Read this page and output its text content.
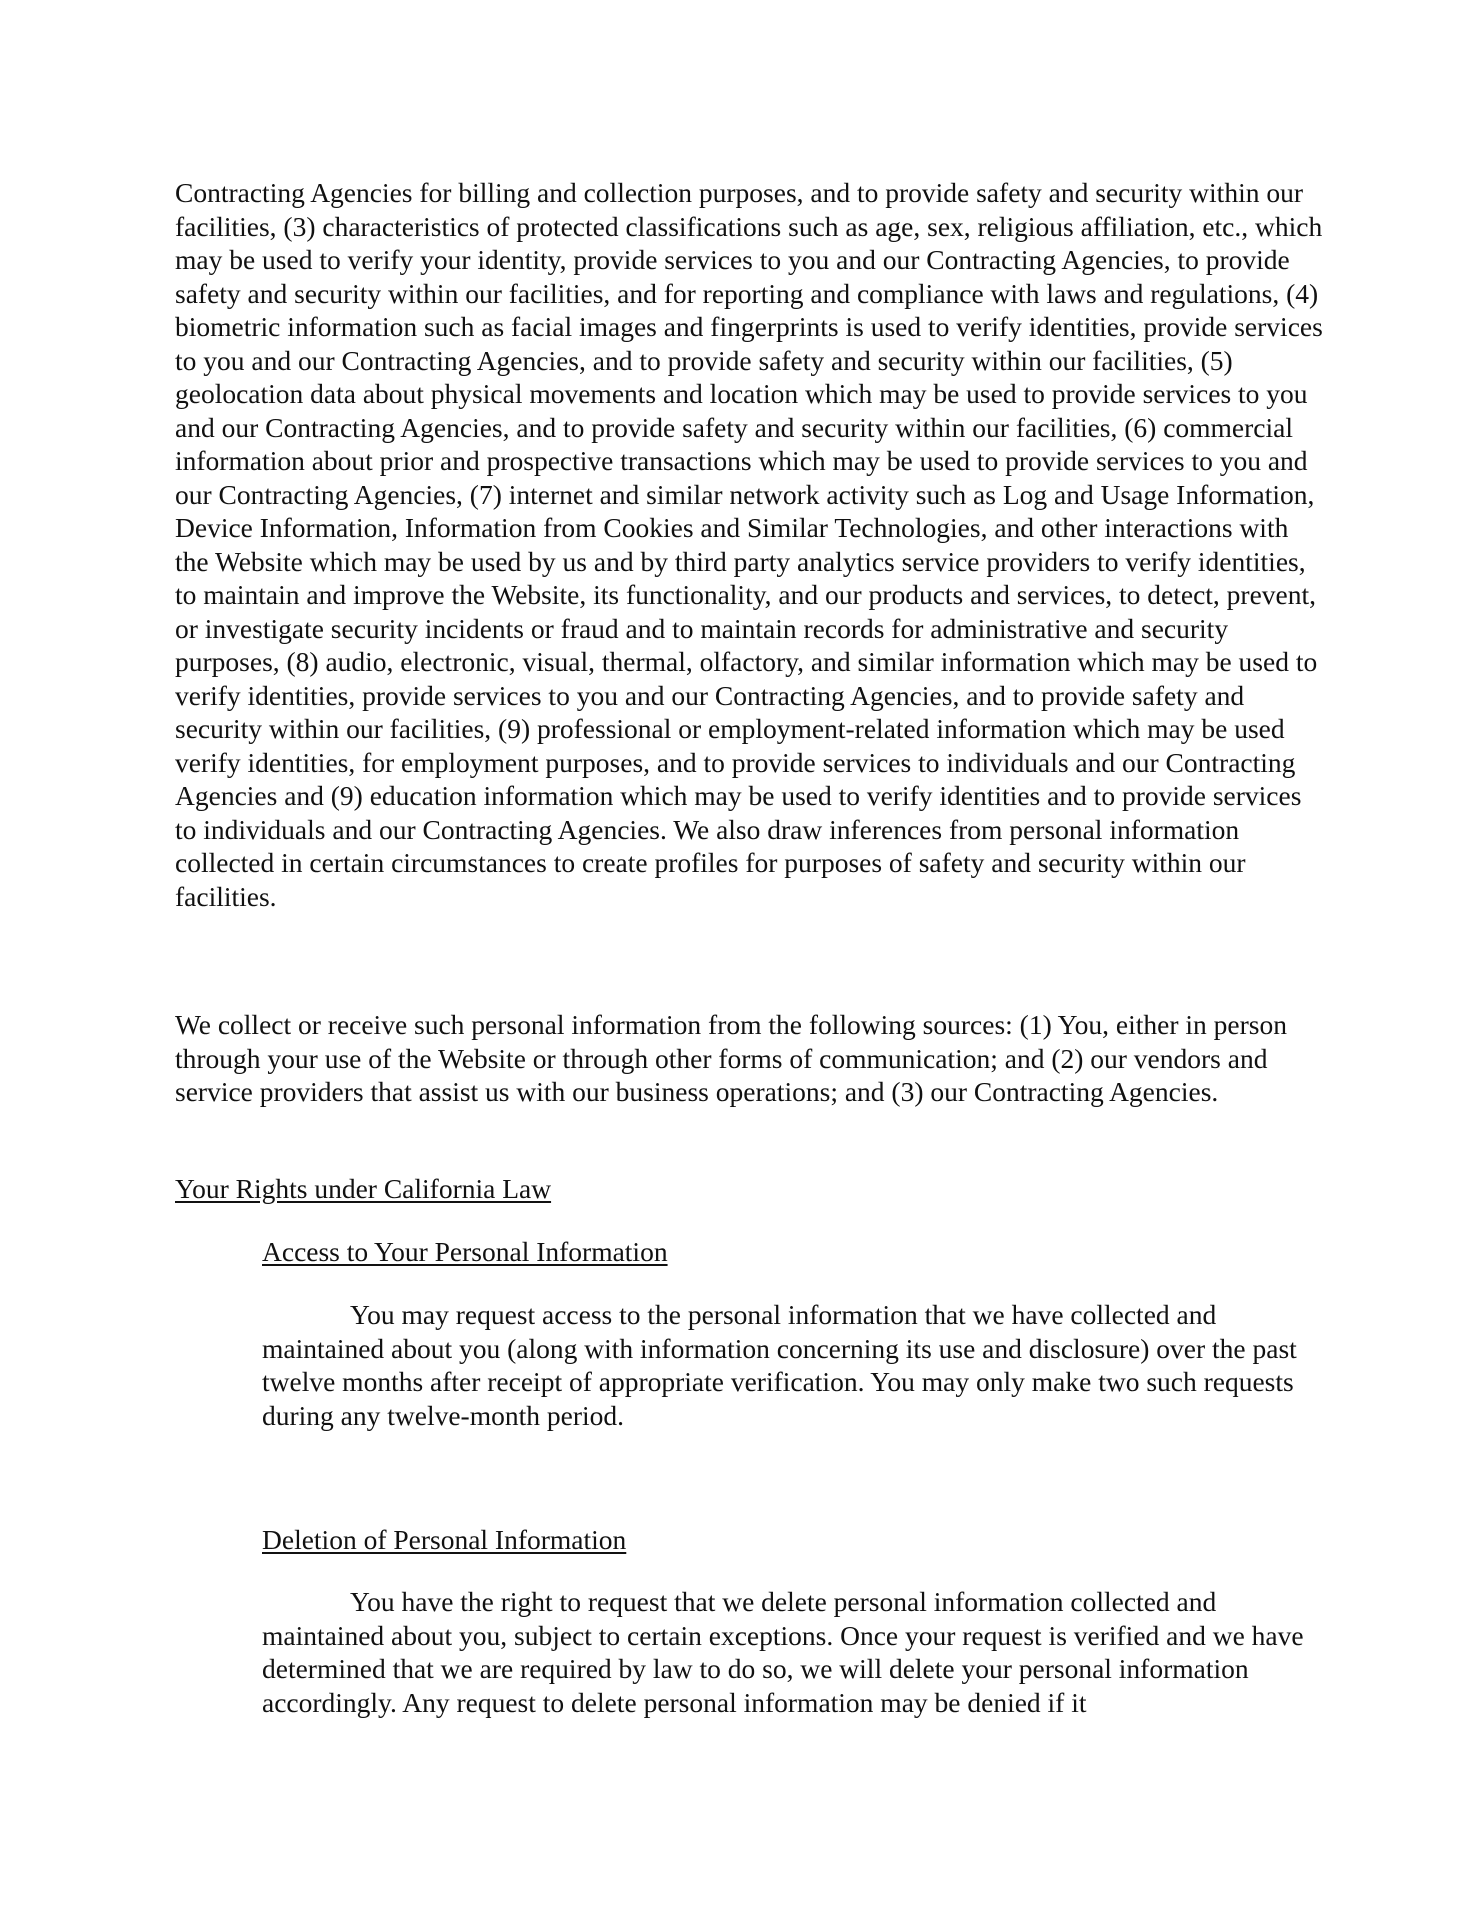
Contracting Agencies for billing and collection purposes, and to provide safety and security within our facilities, (3) characteristics of protected classifications such as age, sex, religious affiliation, etc., which may be used to verify your identity, provide services to you and our Contracting Agencies, to provide safety and security within our facilities, and for reporting and compliance with laws and regulations, (4) biometric information such as facial images and fingerprints is used to verify identities, provide services to you and our Contracting Agencies, and to provide safety and security within our facilities, (5) geolocation data about physical movements and location which may be used to provide services to you and our Contracting Agencies, and to provide safety and security within our facilities, (6) commercial information about prior and prospective transactions which may be used to provide services to you and our Contracting Agencies, (7) internet and similar network activity such as Log and Usage Information, Device Information, Information from Cookies and Similar Technologies, and other interactions with the Website which may be used by us and by third party analytics service providers to verify identities, to maintain and improve the Website, its functionality, and our products and services, to detect, prevent, or investigate security incidents or fraud and to maintain records for administrative and security purposes, (8) audio, electronic, visual, thermal, olfactory, and similar information which may be used to verify identities, provide services to you and our Contracting Agencies, and to provide safety and security within our facilities, (9) professional or employment-related information which may be used verify identities, for employment purposes, and to provide services to individuals and our Contracting Agencies and (9) education information which may be used to verify identities and to provide services to individuals and our Contracting Agencies. We also draw inferences from personal information collected in certain circumstances to create profiles for purposes of safety and security within our facilities.

We collect or receive such personal information from the following sources: (1) You, either in person through your use of the Website or through other forms of communication; and (2) our vendors and service providers that assist us with our business operations; and (3) our Contracting Agencies.

Your Rights under California Law
Access to Your Personal Information

You may request access to the personal information that we have collected and maintained about you (along with information concerning its use and disclosure) over the past twelve months after receipt of appropriate verification. You may only make two such requests during any twelve-month period.

Deletion of Personal Information

You have the right to request that we delete personal information collected and maintained about you, subject to certain exceptions. Once your request is verified and we have determined that we are required by law to do so, we will delete your personal information accordingly. Any request to delete personal information may be denied if it
